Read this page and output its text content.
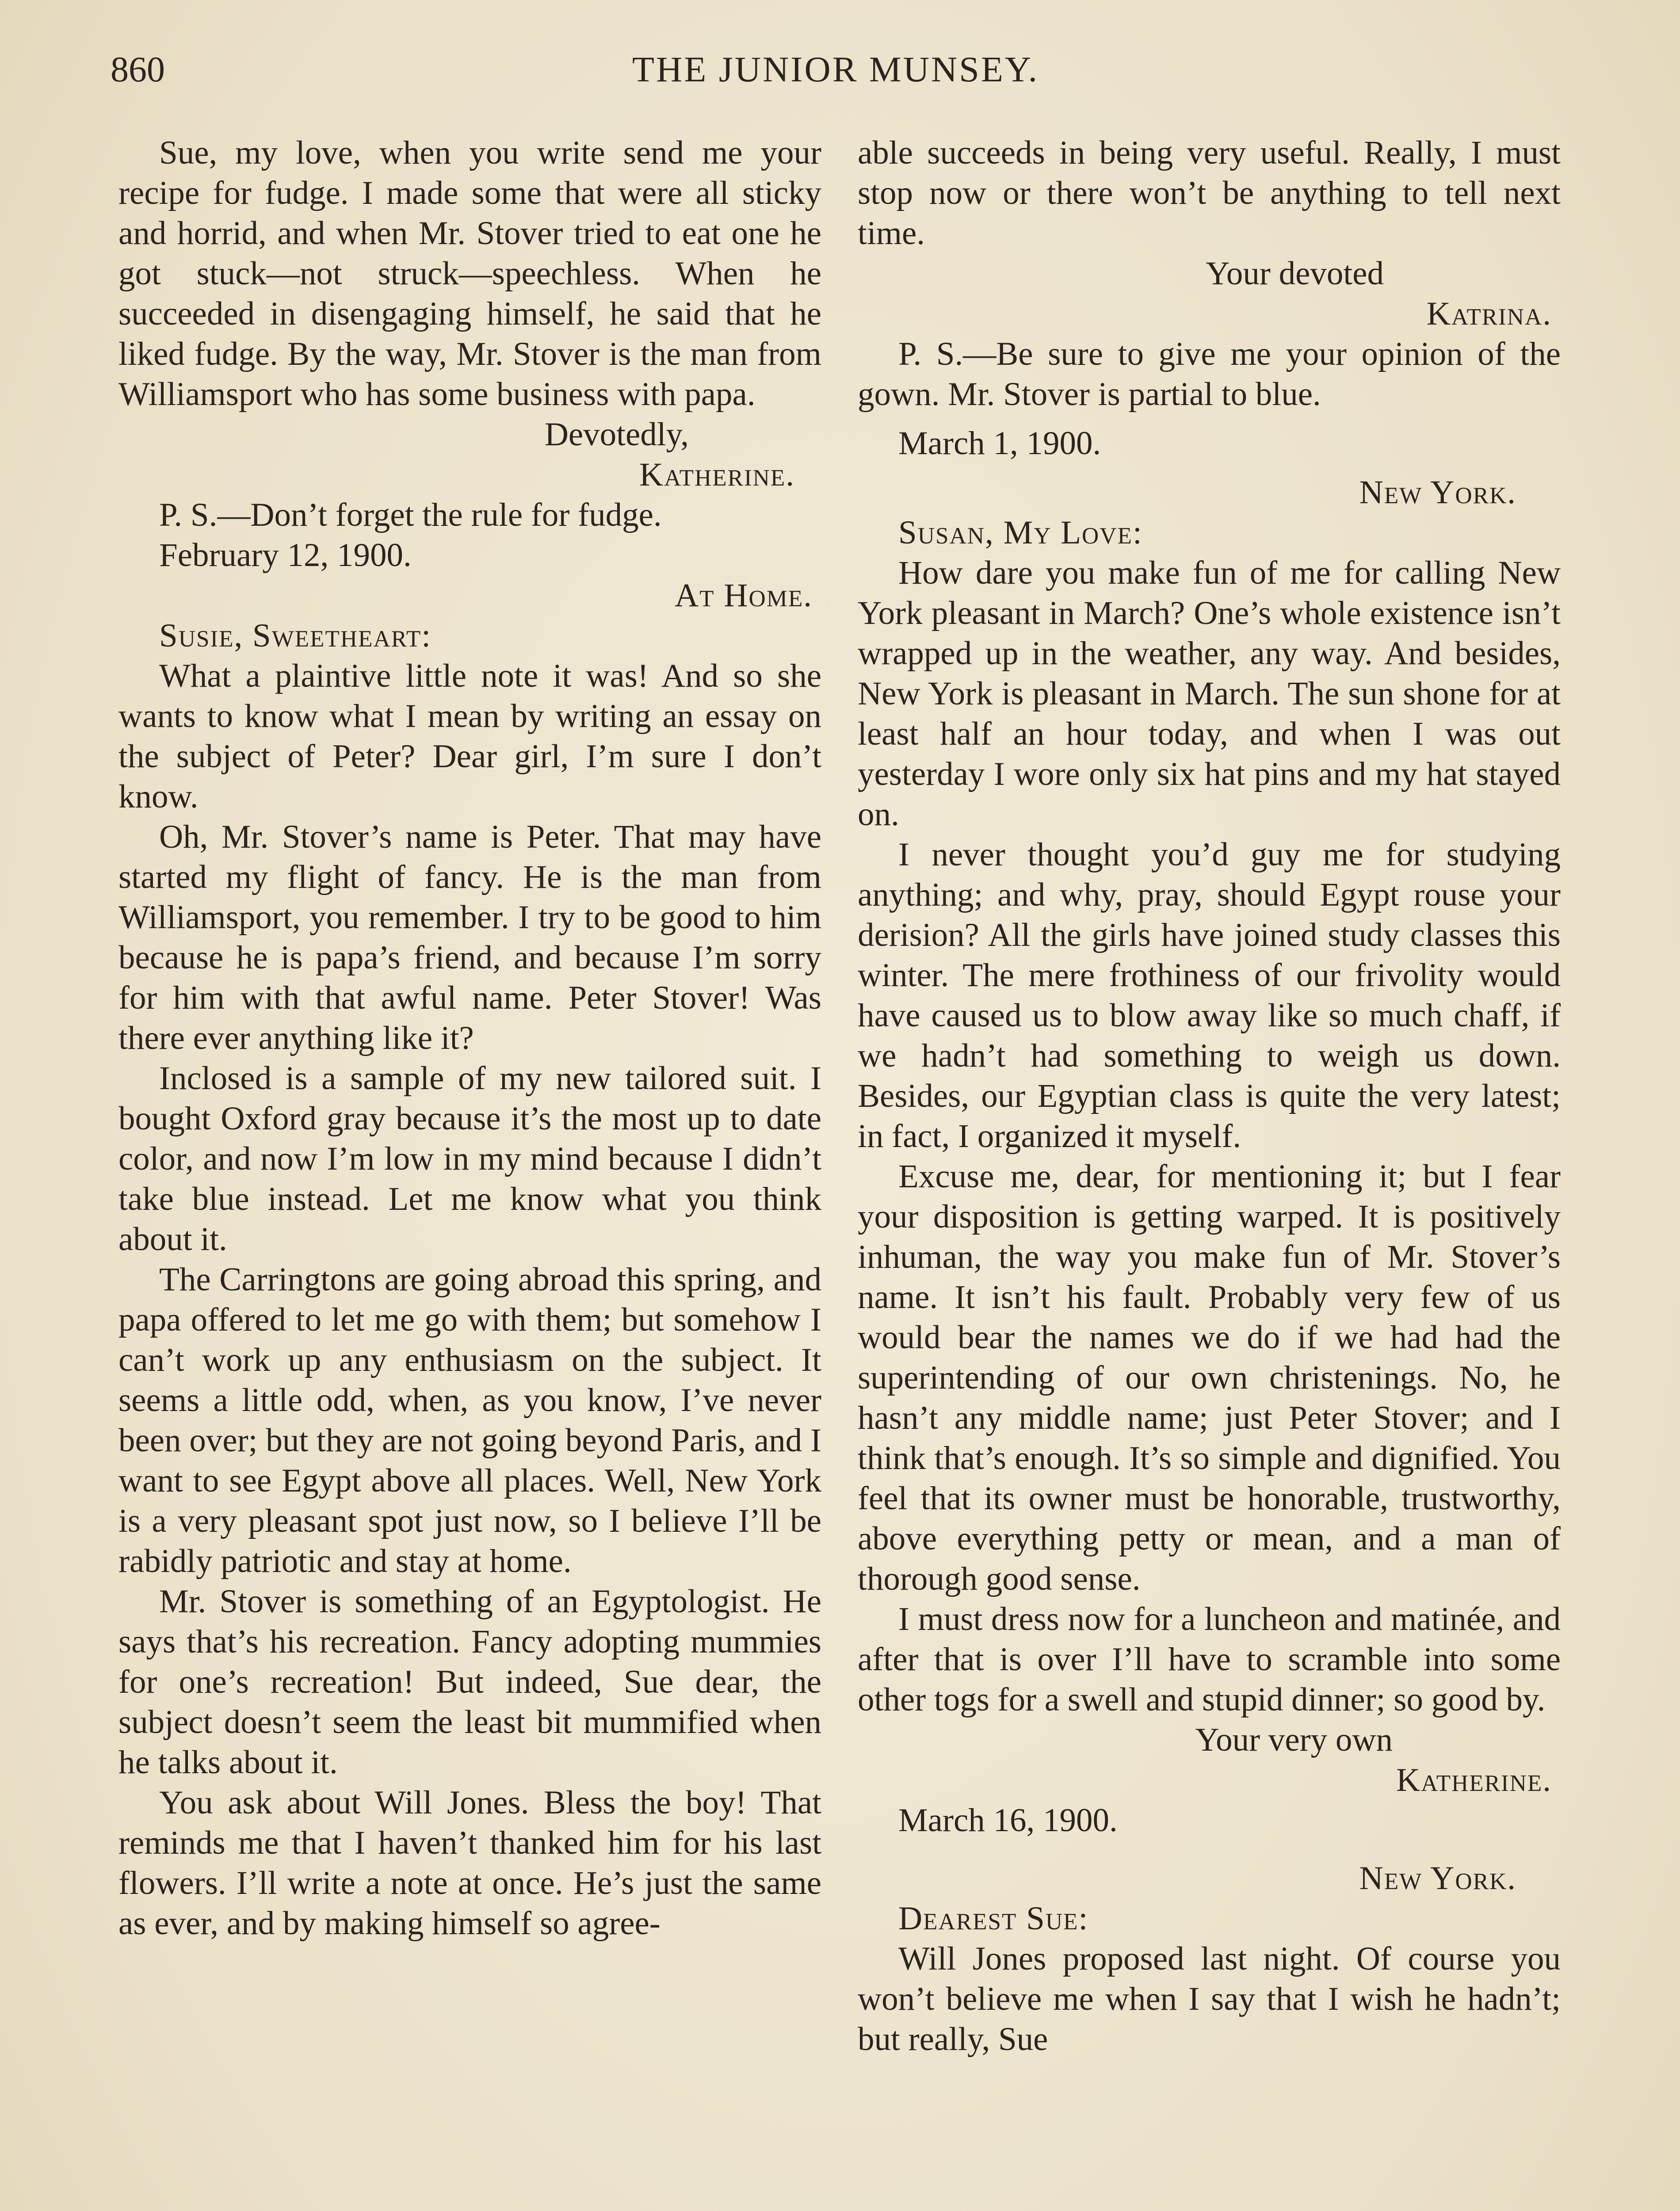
860	THE JUNIOR MUNSEY.

Sue, my love, when you write send me your recipe for fudge. I made some that were all sticky and horrid, and when Mr. Stover tried to eat one he got stuck—not struck—speechless. When he succeeded in disengaging himself, he said that he liked fudge. By the way, Mr. Stover is the man from Williamsport who has some business with papa.

Devotedly,

Katherine.

P. S.—Don’t forget the rule for fudge.

February 12, 1900.

At Home.

Susie, Sweetheart:

What a plaintive little note it was! And so she wants to know what I mean by writing an essay on the subject of Peter? Dear girl, I’m sure I don’t know.

Oh, Mr. Stover’s name is Peter. That may have started my flight of fancy. He is the man from Williamsport, you remember. I try to be good to him because he is papa’s friend, and because I’m sorry for him with that awful name. Peter Stover! Was there ever anything like it?

Inclosed is a sample of my new tailored suit. I bought Oxford gray because it’s the most up to date color, and now I’m low in my mind because I didn’t take blue instead. Let me know what you think about it.

The Carringtons are going abroad this spring, and papa offered to let me go with them; but somehow I can’t work up any enthusiasm on the subject. It seems a little odd, when, as you know, I’ve never been over; but they are not going beyond Paris, and I want to see Egypt above all places. Well, New York is a very pleasant spot just now, so I believe I’ll be rabidly patriotic and stay at home.

Mr. Stover is something of an Egyptologist. He says that’s his recreation. Fancy adopting mummies for one’s recreation! But indeed, Sue dear, the subject doesn’t seem the least bit mummified when he talks about it.

You ask about Will Jones. Bless the boy! That reminds me that I haven’t thanked him for his last flowers. I’ll write a note at once. He’s just the same as ever, and by making himself so agree-

able succeeds in being very useful. Really, I must stop now or there won’t be anything to tell next time.

Your devoted

Katrina.

P. S.—Be sure to give me your opinion of the gown. Mr. Stover is partial to blue.

March 1, 1900.

New York.

Susan, My Love:

How dare you make fun of me for calling New York pleasant in March? One’s whole existence isn’t wrapped up in the weather, any way. And besides, New York is pleasant in March. The sun shone for at least half an hour today, and when I was out yesterday I wore only six hat pins and my hat stayed on.

I never thought you’d guy me for studying anything; and why, pray, should Egypt rouse your derision? All the girls have joined study classes this winter. The mere frothiness of our frivolity would have caused us to blow away like so much chaff, if we hadn’t had something to weigh us down. Besides, our Egyptian class is quite the very latest; in fact, I organized it myself.

Excuse me, dear, for mentioning it; but I fear your disposition is getting warped. It is positively inhuman, the way you make fun of Mr. Stover’s name. It isn’t his fault. Probably very few of us would bear the names we do if we had had the superintending of our own christenings. No, he hasn’t any middle name; just Peter Stover; and I think that’s enough. It’s so simple and dignified. You feel that its owner must be honorable, trustworthy, above everything petty or mean, and a man of thorough good sense.

I must dress now for a luncheon and matinée, and after that is over I’ll have to scramble into some other togs for a swell and stupid dinner; so good by.

Your very own

Katherine.

March 16, 1900.

New York.

Dearest Sue:

Will Jones proposed last night. Of course you won’t believe me when I say that I wish he hadn’t; but really, Sue
